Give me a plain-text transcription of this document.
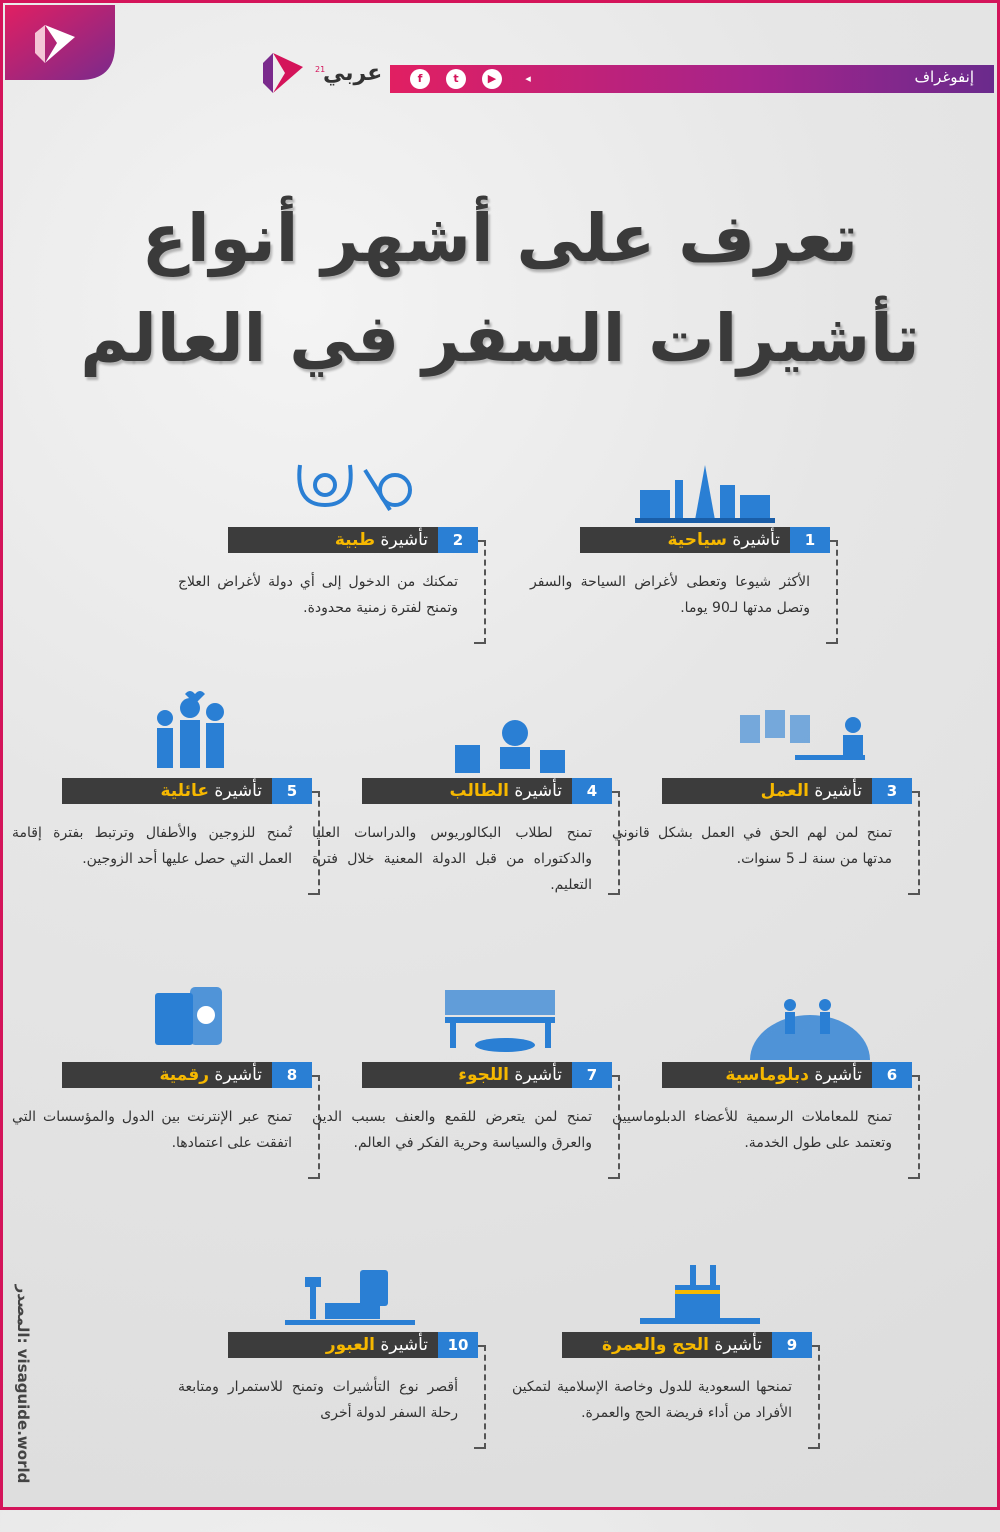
21
عربي	f	t	▶	◂	إنفوغراف
تعرف على أشهر أنواع
تأشيرات السفر في العالم
1
تأشيرة سياحية
الأكثر شيوعا وتعطى لأغراض السياحة والسفر وتصل مدتها لـ90 يوما.
2
تأشيرة طبية
تمكنك من الدخول إلى أي دولة لأغراض العلاج وتمنح لفترة زمنية محدودة.
3
تأشيرة العمل
تمنح لمن لهم الحق في العمل بشكل قانوني مدتها من سنة لـ 5 سنوات.
4
تأشيرة الطالب
تمنح لطلاب البكالوريوس والدراسات العليا والدكتوراه من قبل الدولة المعنية خلال فترة التعليم.
5
تأشيرة عائلية
تُمنح للزوجين والأطفال وترتبط بفترة إقامة العمل التي حصل عليها أحد الزوجين.
6
تأشيرة دبلوماسية
تمنح للمعاملات الرسمية للأعضاء الدبلوماسيين وتعتمد على طول الخدمة.
7
تأشيرة اللجوء
تمنح لمن يتعرض للقمع والعنف بسبب الدين والعرق والسياسة وحرية الفكر في العالم.
8
تأشيرة رقمية
تمنح عبر الإنترنت بين الدول والمؤسسات التي اتفقت على اعتمادها.
9
تأشيرة الحج والعمرة
تمنحها السعودية للدول وخاصة الإسلامية لتمكين الأفراد من أداء فريضة الحج والعمرة.
10
تأشيرة العبور
أقصر نوع التأشيرات وتمنح للاستمرار ومتابعة رحلة السفر لدولة أخرى
المصدر: visaguide.world
